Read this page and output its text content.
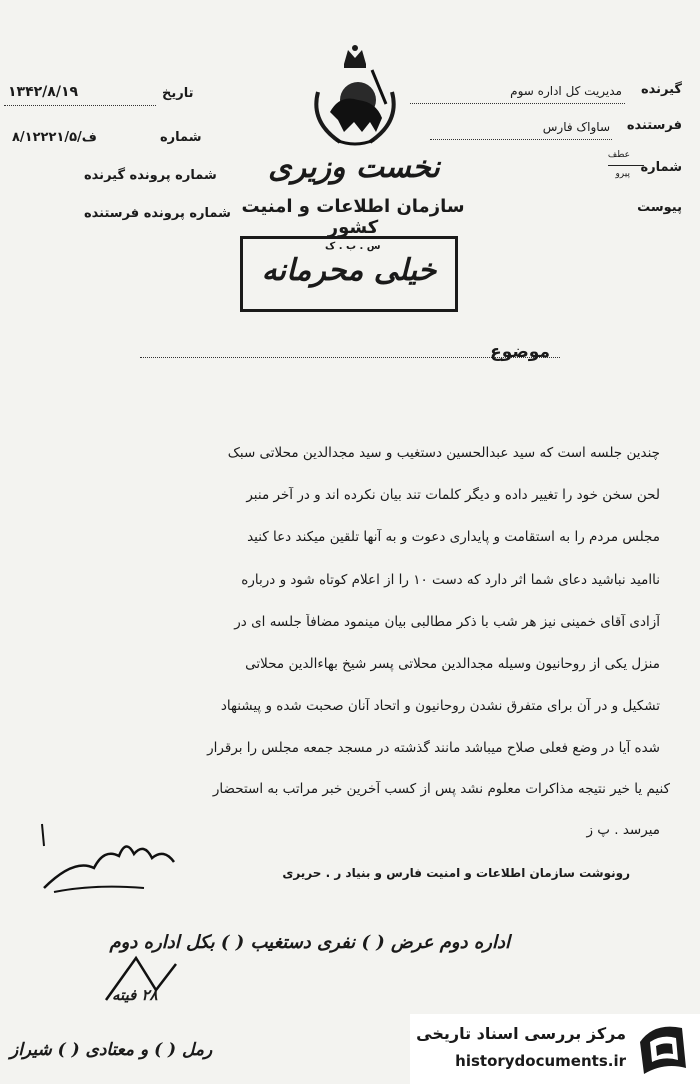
گیرنده
مدیریت کل اداره سوم
فرستنده
ساواک فارس
شماره
عطف
پیرو
پیوست
تاریخ
۱۳۴۲/۸/۱۹
شماره
۸/۱۲۲۲۱/۵/ف
شماره پرونده گیرنده
شماره پرونده فرستنده
نخست وزیری
سازمان اطلاعات و امنیت کشور
س . ب . ک
خیلی محرمانه
موضوع
چندین جلسه است که سید عبدالحسین دستغیب و سید مجدالدین محلاتی سبک
لحن سخن خود را تغییر داده و دیگر کلمات تند بیان نکرده اند و در آخر منبر
مجلس مردم را به استقامت و پایداری دعوت و به آنها تلقین میکند دعا کنید
ناامید نباشید دعای شما اثر دارد که دست ۱۰ را از اعلام کوتاه شود و درباره
آزادی آقای خمینی نیز هر شب با ذکر مطالبی بیان مینمود مضافاً جلسه ای در
منزل یکی از روحانیون وسیله مجدالدین محلاتی پسر شیخ بهاءالدین محلاتی
تشکیل و در آن برای متفرق نشدن روحانیون و اتحاد آنان صحبت شده و پیشنهاد
شده آیا در وضع فعلی صلاح میباشد مانند گذشته در مسجد جمعه مجلس را برقرار
کنیم یا خیر نتیجه مذاکرات معلوم نشد پس از کسب آخرین خبر مراتب به استحضار
میرسد . پ ز
رونوشت سازمان اطلاعات و امنیت فارس و بنیاد ر . حریری
اداره دوم عرض ( ) نفری دستغیب ( ) بکل اداره دوم
۲۸ فیته
رمل ( ) و معتادی ( ) شیراز
مرکز بررسی اسناد تاریخی
historydocuments.ir
